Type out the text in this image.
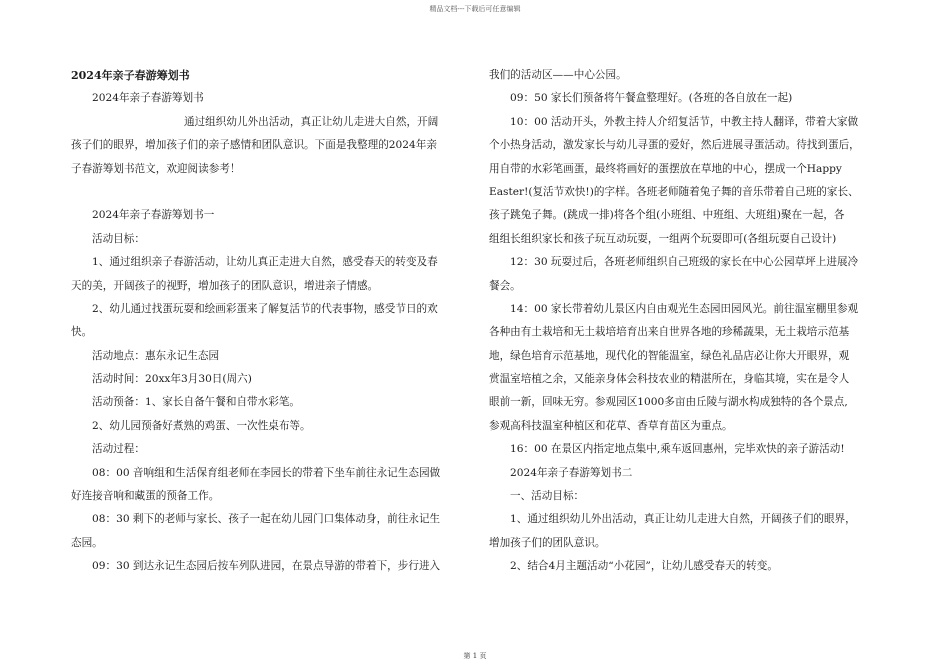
精品文档---下载后可任意编辑
2024年亲子春游筹划书
2024年亲子春游筹划书
通过组织幼儿外出活动，真正让幼儿走进大自然，开阔
孩子们的眼界，增加孩子们的亲子感情和团队意识。下面是我整理的2024年亲
子春游筹划书范文，欢迎阅读参考！
2024年亲子春游筹划书一
活动目标：
1、通过组织亲子春游活动，让幼儿真正走进大自然，感受春天的转变及春
天的美，开阔孩子的视野，增加孩子的团队意识，增进亲子情感。
2、幼儿通过找蛋玩耍和绘画彩蛋来了解复活节的代表事物，感受节日的欢
快。
活动地点：惠东永记生态园
活动时间：20xx年3月30日(周六)
活动预备：1、家长自备午餐和自带水彩笔。
2、幼儿园预备好煮熟的鸡蛋、一次性桌布等。
活动过程：
08：00 音响组和生活保育组老师在李园长的带着下坐车前往永记生态园做
好连接音响和藏蛋的预备工作。
08：30 剩下的老师与家长、孩子一起在幼儿园门口集体动身，前往永记生
态园。
09：30 到达永记生态园后按车列队进园，在景点导游的带着下，步行进入
我们的活动区——中心公园。
09：50 家长们预备将午餐盒整理好。(各班的各自放在一起)
10：00 活动开头，外教主持人介绍复活节，中教主持人翻译，带着大家做
个小热身活动，激发家长与幼儿寻蛋的爱好，然后进展寻蛋活动。待找到蛋后，
用自带的水彩笔画蛋，最终将画好的蛋摆放在草地的中心，摆成一个Happy
Easter!(复活节欢快!)的字样。各班老师随着兔子舞的音乐带着自己班的家长、
孩子跳兔子舞。(跳成一排)将各个组(小班组、中班组、大班组)聚在一起，各
组组长组织家长和孩子玩互动玩耍，一组两个玩耍即可(各组玩耍自己设计)
12：30 玩耍过后，各班老师组织自己班级的家长在中心公园草坪上进展冷
餐会。
14：00 家长带着幼儿景区内自由观光生态园田园风光。前往温室棚里参观
各种由有土栽培和无土栽培培育出来自世界各地的珍稀蔬果，无土栽培示范基
地，绿色培育示范基地，现代化的智能温室，绿色礼品店必让你大开眼界，观
赏温室培植之余，又能亲身体会科技农业的精湛所在，身临其境，实在是令人
眼前一新，回味无穷。参观园区1000多亩由丘陵与湖水构成独特的各个景点,
参观高科技温室种植区和花草、香草育苗区为重点。
16：00 在景区内指定地点集中,乘车返回惠州，完毕欢快的亲子游活动!
2024年亲子春游筹划书二
一、活动目标：
1、通过组织幼儿外出活动，真正让幼儿走进大自然，开阔孩子们的眼界，
增加孩子们的团队意识。
2、结合4月主题活动“小花园”，让幼儿感受春天的转变。
第 1 页
